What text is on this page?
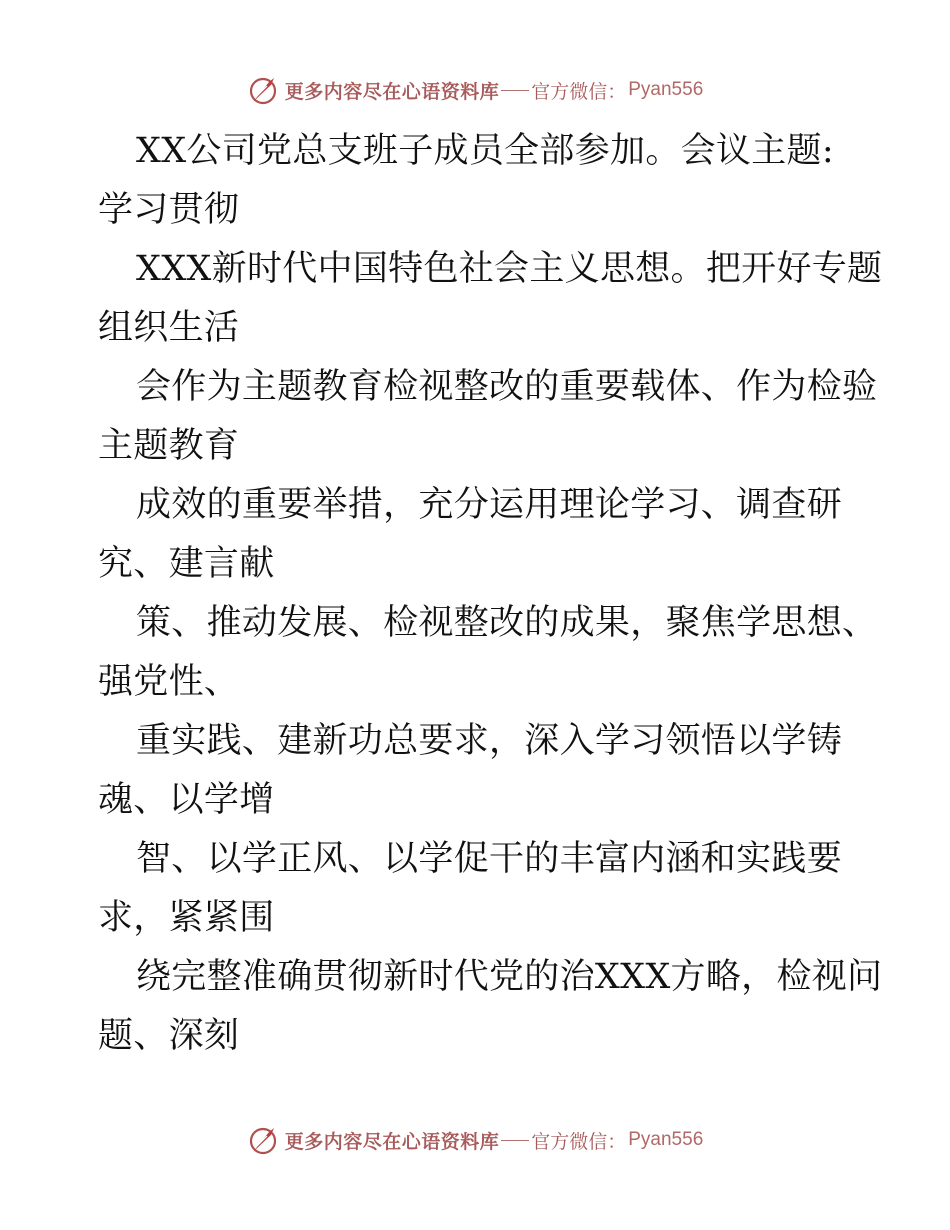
更多内容尽在心语资料库 官方微信： Pyan556
XX公司党总支班子成员全部参加。会议主题:
学习贯彻
XXX新时代中国特色社会主义思想。把开好专题
组织生活
会作为主题教育检视整改的重要载体、作为检验
主题教育
成效的重要举措，充分运用理论学习、调查研
究、建言献
策、推动发展、检视整改的成果，聚焦学思想、
强党性、
重实践、建新功总要求，深入学习领悟以学铸
魂、以学增
智、以学正风、以学促干的丰富内涵和实践要
求，紧紧围
绕完整准确贯彻新时代党的治XXX方略，检视问
题、深刻
更多内容尽在心语资料库 官方微信： Pyan556
